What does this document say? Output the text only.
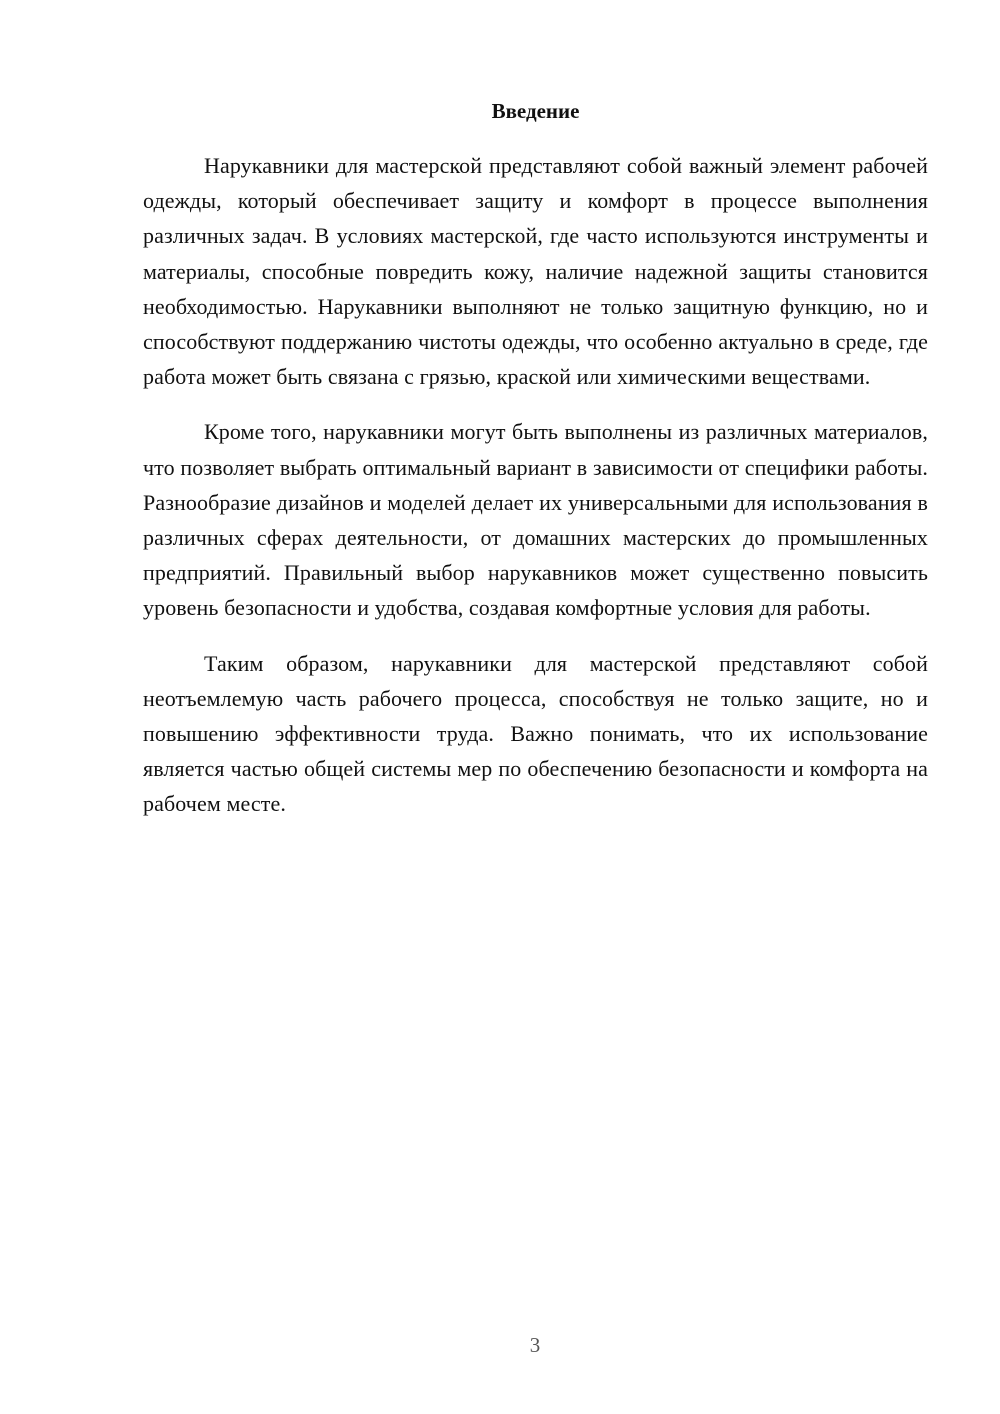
Введение

Нарукавники для мастерской представляют собой важный элемент рабочей одежды, который обеспечивает защиту и комфорт в процессе выполнения различных задач. В условиях мастерской, где часто используются инструменты и материалы, способные повредить кожу, наличие надежной защиты становится необходимостью. Нарукавники выполняют не только защитную функцию, но и способствуют поддержанию чистоты одежды, что особенно актуально в среде, где работа может быть связана с грязью, краской или химическими веществами.

Кроме того, нарукавники могут быть выполнены из различных материалов, что позволяет выбрать оптимальный вариант в зависимости от специфики работы. Разнообразие дизайнов и моделей делает их универсальными для использования в различных сферах деятельности, от домашних мастерских до промышленных предприятий. Правильный выбор нарукавников может существенно повысить уровень безопасности и удобства, создавая комфортные условия для работы.

Таким образом, нарукавники для мастерской представляют собой неотъемлемую часть рабочего процесса, способствуя не только защите, но и повышению эффективности труда. Важно понимать, что их использование является частью общей системы мер по обеспечению безопасности и комфорта на рабочем месте.

3
